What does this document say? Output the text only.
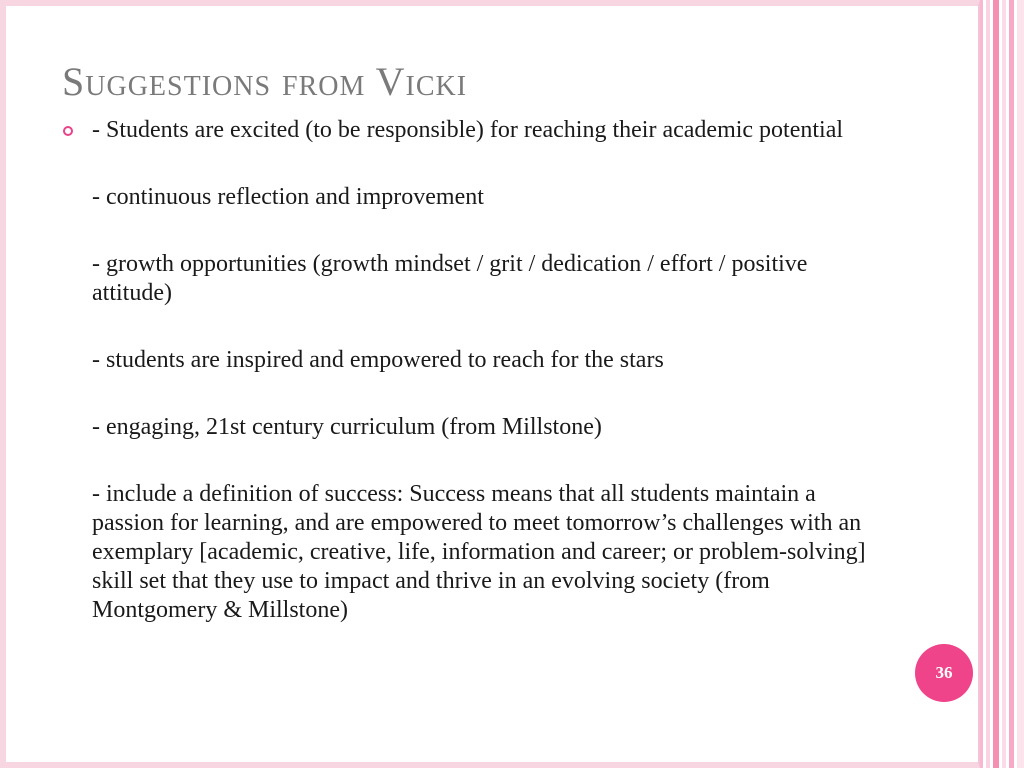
Suggestions from Vicki

- Students are excited (to be responsible) for reaching their academic potential

- continuous reflection and improvement

- growth opportunities (growth mindset / grit / dedication / effort / positive attitude)

- students are inspired and empowered to reach for the stars

- engaging, 21st century curriculum (from Millstone)

- include a definition of success: Success means that all students maintain a passion for learning, and are empowered to meet tomorrow’s challenges with an exemplary [academic, creative, life, information and career; or problem-solving] skill set that they use to impact and thrive in an evolving society (from Montgomery & Millstone)

36
